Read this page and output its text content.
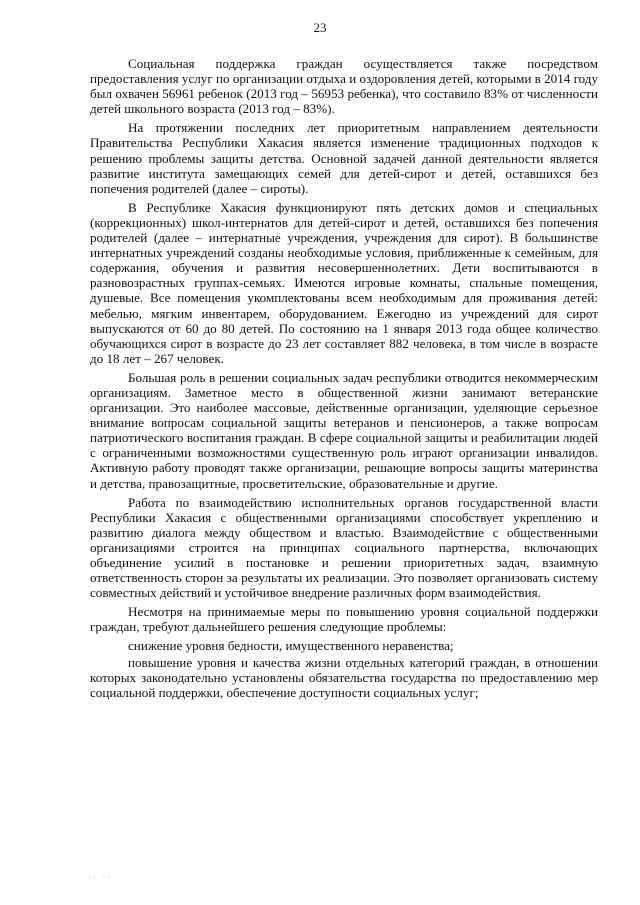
23

Социальная поддержка граждан осуществляется также посредством предоставления услуг по организации отдыха и оздоровления детей, которыми в 2014 году был охвачен 56961 ребенок (2013 год – 56953 ребенка), что составило 83% от численности детей школьного возраста (2013 год – 83%).

На протяжении последних лет приоритетным направлением деятельности Правительства Республики Хакасия является изменение традиционных подходов к решению проблемы защиты детства. Основной задачей данной деятельности является развитие института замещающих семей для детей-сирот и детей, оставшихся без попечения родителей (далее – сироты).

В Республике Хакасия функционируют пять детских домов и специальных (коррекционных) школ-интернатов для детей-сирот и детей, оставшихся без попечения родителей (далее – интернатные учреждения, учреждения для сирот). В большинстве интернатных учреждений созданы необходимые условия, приближенные к семейным, для содержания, обучения и развития несовершеннолетних. Дети воспитываются в разновозрастных группах-семьях. Имеются игровые комнаты, спальные помещения, душевые. Все помещения укомплектованы всем необходимым для проживания детей: мебелью, мягким инвентарем, оборудованием. Ежегодно из учреждений для сирот выпускаются от 60 до 80 детей. По состоянию на 1 января 2013 года общее количество обучающихся сирот в возрасте до 23 лет составляет 882 человека, в том числе в возрасте до 18 лет – 267 человек.

Большая роль в решении социальных задач республики отводится некоммерческим организациям. Заметное место в общественной жизни занимают ветеранские организации. Это наиболее массовые, действенные организации, уделяющие серьезное внимание вопросам социальной защиты ветеранов и пенсионеров, а также вопросам патриотического воспитания граждан. В сфере социальной защиты и реабилитации людей с ограниченными возможностями существенную роль играют организации инвалидов. Активную работу проводят также организации, решающие вопросы защиты материнства и детства, правозащитные, просветительские, образовательные и другие.

Работа по взаимодействию исполнительных органов государственной власти Республики Хакасия с общественными организациями способствует укреплению и развитию диалога между обществом и властью. Взаимодействие с общественными организациями строится на принципах социального партнерства, включающих объединение усилий в постановке и решении приоритетных задач, взаимную ответственность сторон за результаты их реализации. Это позволяет организовать систему совместных действий и устойчивое внедрение различных форм взаимодействия.

Несмотря на принимаемые меры по повышению уровня социальной поддержки граждан, требуют дальнейшего решения следующие проблемы:

снижение уровня бедности, имущественного неравенства;

повышение уровня и качества жизни отдельных категорий граждан, в отношении которых законодательно установлены обязательства государства по предоставлению мер социальной поддержки, обеспечение доступности социальных услуг;

·· ··
